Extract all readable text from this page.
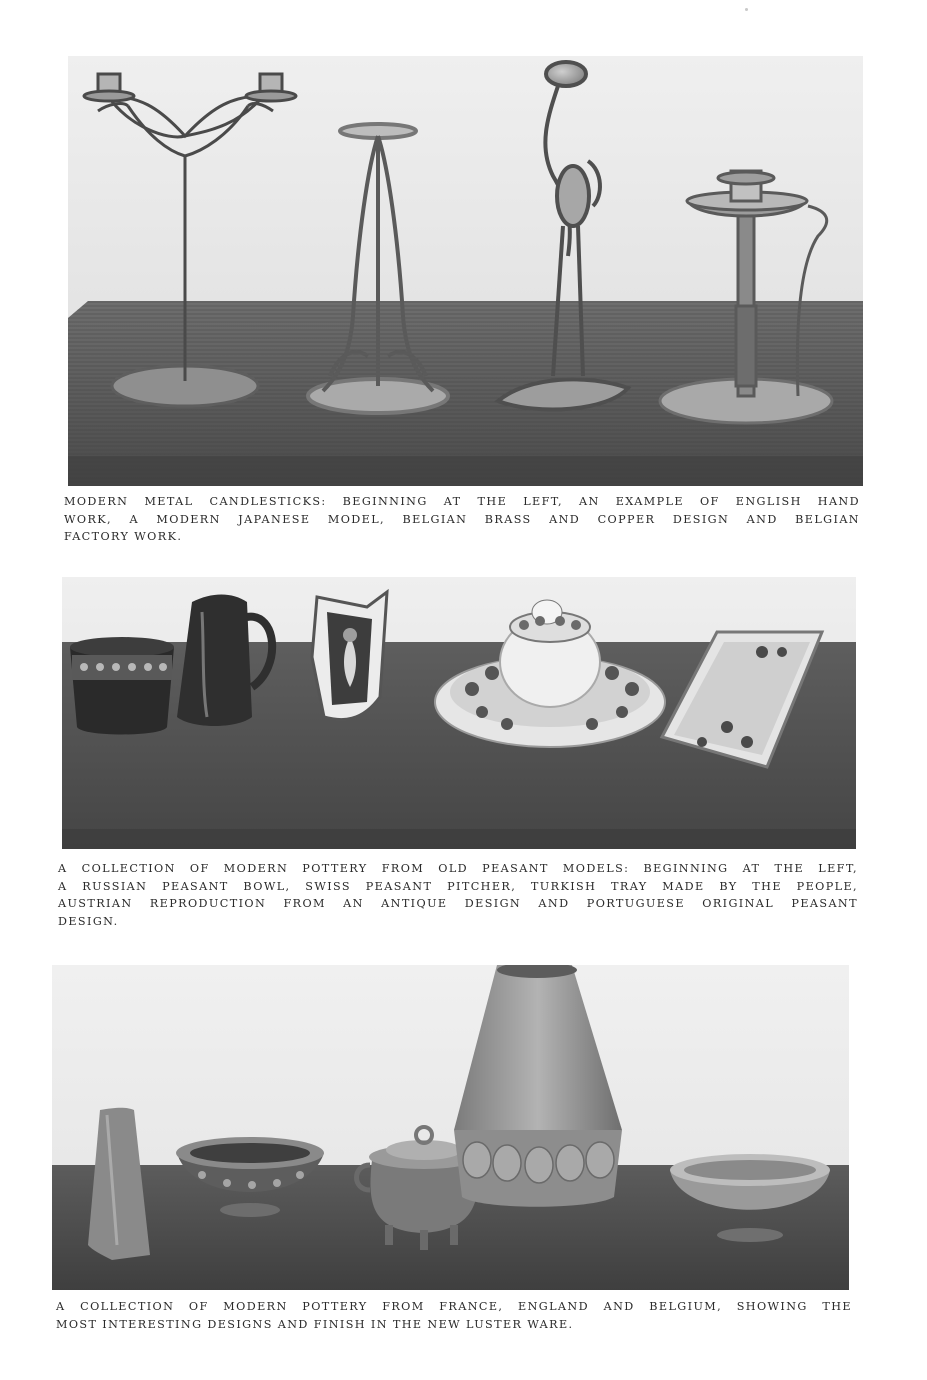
MODERN METAL CANDLESTICKS: BEGINNING AT THE LEFT, AN EXAMPLE OF ENGLISH HAND
WORK, A MODERN JAPANESE MODEL, BELGIAN BRASS AND COPPER DESIGN AND BELGIAN
FACTORY WORK.

A COLLECTION OF MODERN POTTERY FROM OLD PEASANT MODELS: BEGINNING AT THE LEFT,
A RUSSIAN PEASANT BOWL, SWISS PEASANT PITCHER, TURKISH TRAY MADE BY THE PEOPLE,
AUSTRIAN REPRODUCTION FROM AN ANTIQUE DESIGN AND PORTUGUESE ORIGINAL PEASANT
DESIGN.

A COLLECTION OF MODERN POTTERY FROM FRANCE, ENGLAND AND BELGIUM, SHOWING THE
MOST INTERESTING DESIGNS AND FINISH IN THE NEW LUSTER WARE.
